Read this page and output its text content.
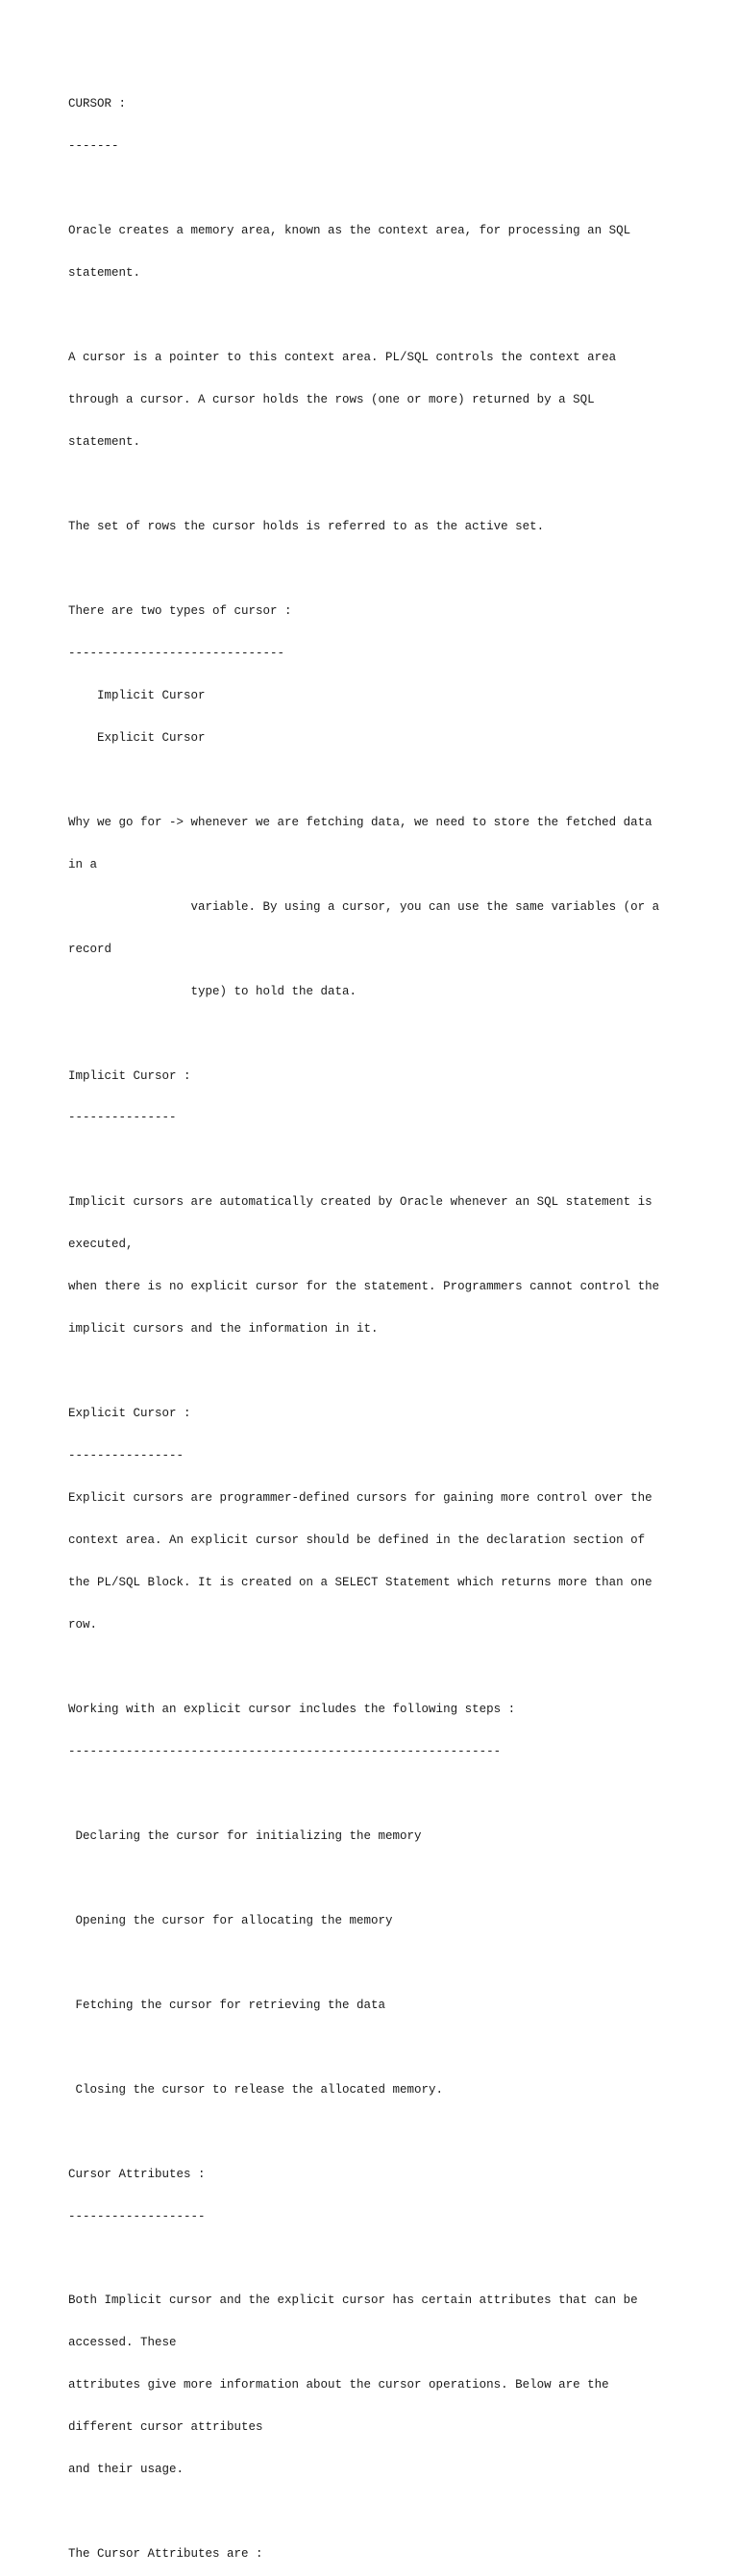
CURSOR :

-------

Oracle creates a memory area, known as the context area, for processing an SQL

statement.

A cursor is a pointer to this context area. PL/SQL controls the context area

through a cursor. A cursor holds the rows (one or more) returned by a SQL

statement.

The set of rows the cursor holds is referred to as the active set.

There are two types of cursor :

------------------------------

Implicit Cursor

Explicit Cursor

Why we go for -> whenever we are fetching data, we need to store the fetched data

in a

variable. By using a cursor, you can use the same variables (or a

record

type) to hold the data.

Implicit Cursor :

---------------

Implicit cursors are automatically created by Oracle whenever an SQL statement is

executed,

when there is no explicit cursor for the statement. Programmers cannot control the

implicit cursors and the information in it.

Explicit Cursor :

----------------

Explicit cursors are programmer-defined cursors for gaining more control over the

context area. An explicit cursor should be defined in the declaration section of

the PL/SQL Block. It is created on a SELECT Statement which returns more than one

row.

Working with an explicit cursor includes the following steps :

------------------------------------------------------------

Declaring the cursor for initializing the memory

Opening the cursor for allocating the memory

Fetching the cursor for retrieving the data

Closing the cursor to release the allocated memory.

Cursor Attributes :

-------------------

Both Implicit cursor and the explicit cursor has certain attributes that can be

accessed. These

attributes give more information about the cursor operations. Below are the

different cursor attributes

and their usage.

The Cursor Attributes are :
